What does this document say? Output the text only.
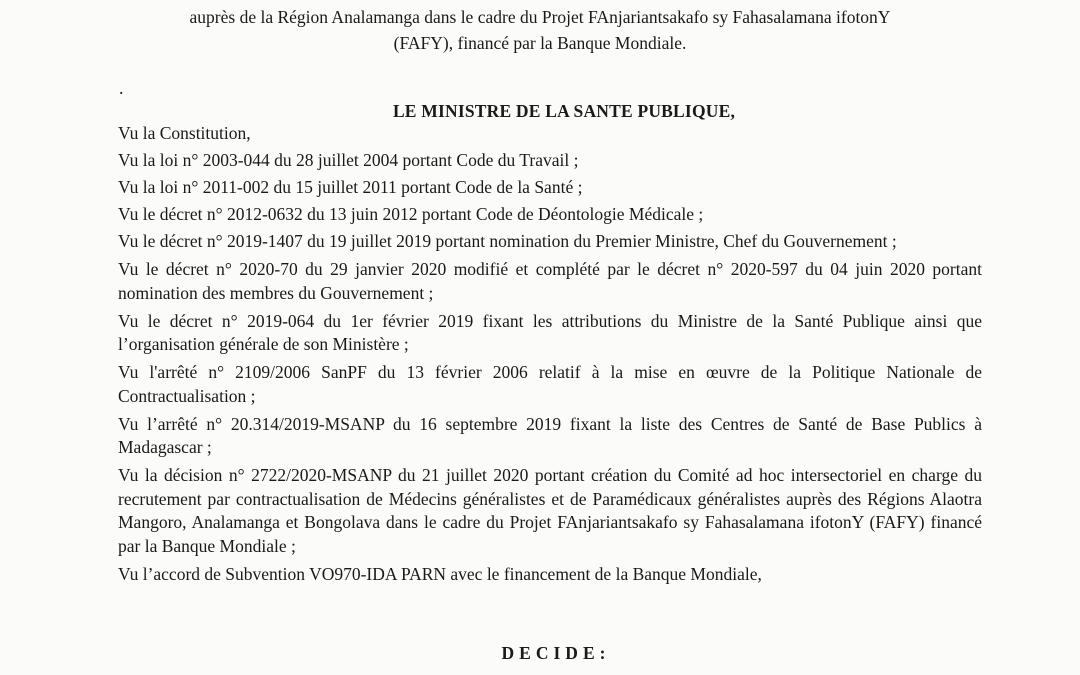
auprès de la Région Analamanga dans le cadre du Projet FAnjariantsakafo sy Fahasalamana ifotonY
(FAFY), financé par la Banque Mondiale.
.
LE MINISTRE DE LA SANTE PUBLIQUE,
Vu la Constitution,
Vu la loi n° 2003-044 du 28 juillet 2004 portant Code du Travail ;
Vu la loi n° 2011-002 du 15 juillet 2011 portant Code de la Santé ;
Vu le décret n° 2012-0632 du 13 juin 2012 portant Code de Déontologie Médicale ;
Vu le décret n° 2019-1407 du 19 juillet 2019 portant nomination du Premier Ministre, Chef du Gouvernement ;
Vu le décret n° 2020-70 du 29 janvier 2020 modifié et complété par le décret n° 2020-597 du 04 juin 2020 portant nomination des membres du Gouvernement ;
Vu le décret n° 2019-064 du 1er février 2019 fixant les attributions du Ministre de la Santé Publique ainsi que l’organisation générale de son Ministère ;
Vu l'arrêté n° 2109/2006 SanPF du 13 février 2006 relatif à la mise en œuvre de la Politique Nationale de Contractualisation ;
Vu l’arrêté n° 20.314/2019-MSANP du 16 septembre 2019 fixant la liste des Centres de Santé de Base Publics à Madagascar ;
Vu la décision n° 2722/2020-MSANP du 21 juillet 2020 portant création du Comité ad hoc intersectoriel en charge du recrutement par contractualisation de Médecins généralistes et de Paramédicaux généralistes auprès des Régions Alaotra Mangoro, Analamanga et Bongolava dans le cadre du Projet FAnjariantsakafo sy Fahasalamana ifotonY (FAFY) financé par la Banque Mondiale ;
Vu l’accord de Subvention VO970-IDA PARN avec le financement de la Banque Mondiale,
DECIDE:
